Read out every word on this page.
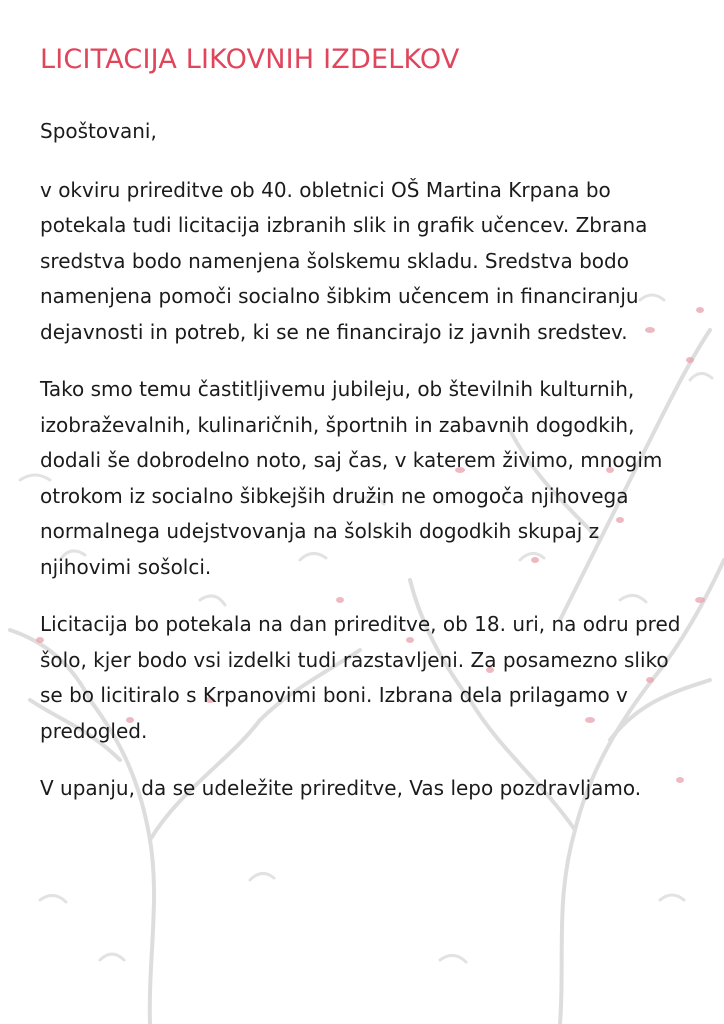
LICITACIJA LIKOVNIH IZDELKOV

Spoštovani,

v okviru prireditve ob 40. obletnici OŠ Martina Krpana bo potekala tudi licitacija izbranih slik in grafik učencev. Zbrana sredstva bodo namenjena šolskemu skladu. Sredstva bodo namenjena pomoči socialno šibkim učencem in financiranju dejavnosti in potreb, ki se ne financirajo iz javnih sredstev.

Tako smo temu častitljivemu jubileju, ob številnih kulturnih, izobraževalnih, kulinaričnih, športnih in zabavnih dogodkih, dodali še dobrodelno noto, saj čas, v katerem živimo, mnogim otrokom iz socialno šibkejših družin ne omogoča njihovega normalnega udejstvovanja na šolskih dogodkih skupaj z njihovimi sošolci.

Licitacija bo potekala na dan prireditve, ob 18. uri, na odru pred šolo, kjer bodo vsi izdelki tudi razstavljeni. Za posamezno sliko se bo licitiralo s Krpanovimi boni. Izbrana dela prilagamo v predogled.

V upanju, da se udeležite prireditve, Vas lepo pozdravljamo.
